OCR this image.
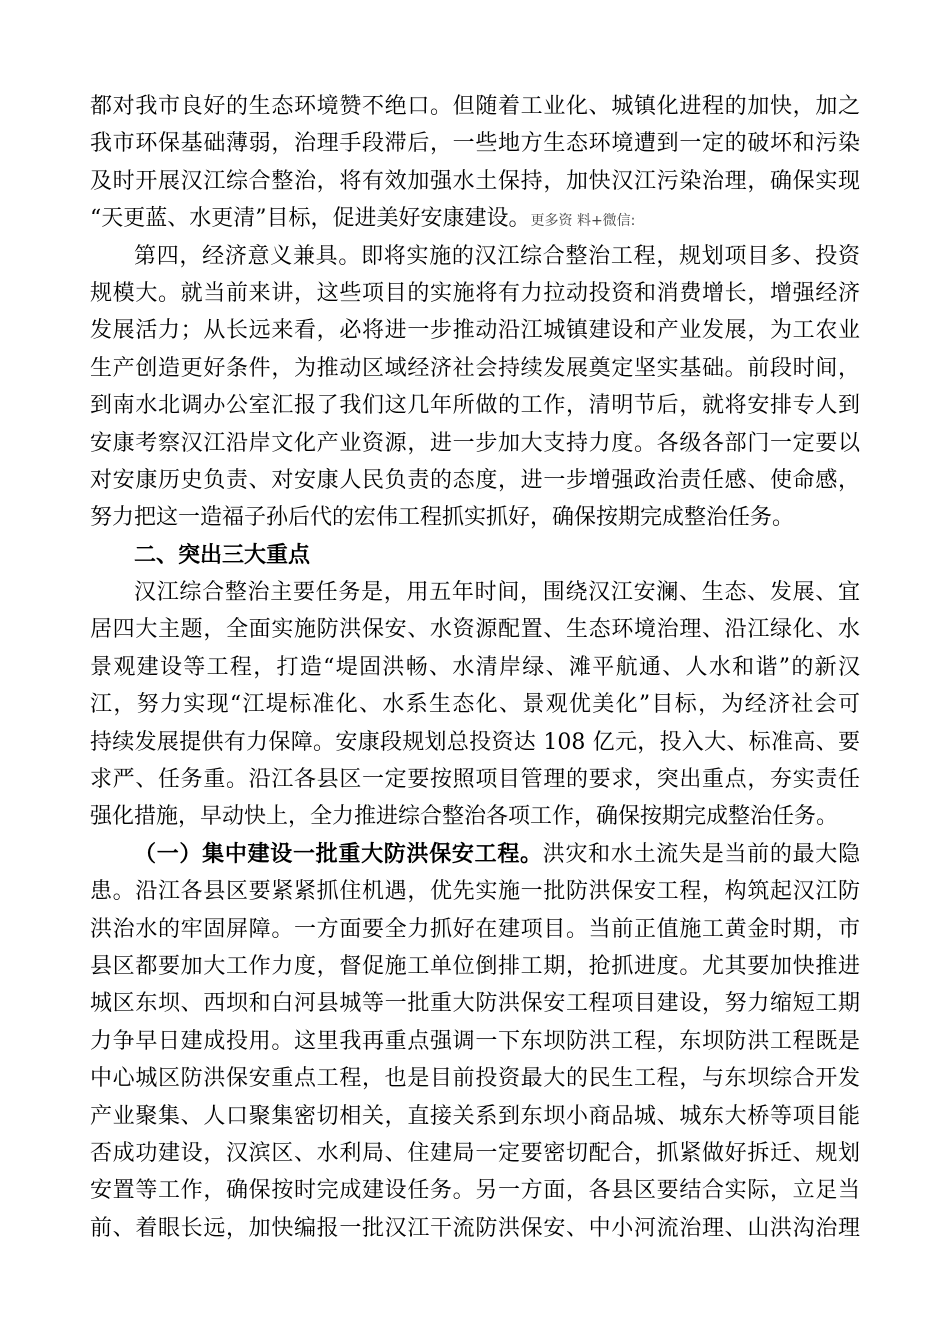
都对我市良好的生态环境赞不绝口。但随着工业化、城镇化进程的加快，加之
我市环保基础薄弱，治理手段滞后，一些地方生态环境遭到一定的破坏和污染
及时开展汉江综合整治，将有效加强水土保持，加快汉江污染治理，确保实现
“天更蓝、水更清”目标，促进美好安康建设。更多资 料+微信:
第四，经济意义兼具。即将实施的汉江综合整治工程，规划项目多、投资
规模大。就当前来讲，这些项目的实施将有力拉动投资和消费增长，增强经济
发展活力；从长远来看，必将进一步推动沿江城镇建设和产业发展，为工农业
生产创造更好条件，为推动区域经济社会持续发展奠定坚实基础。前段时间，
到南水北调办公室汇报了我们这几年所做的工作，清明节后，就将安排专人到
安康考察汉江沿岸文化产业资源，进一步加大支持力度。各级各部门一定要以
对安康历史负责、对安康人民负责的态度，进一步增强政治责任感、使命感，
努力把这一造福子孙后代的宏伟工程抓实抓好，确保按期完成整治任务。
二、突出三大重点
汉江综合整治主要任务是，用五年时间，围绕汉江安澜、生态、发展、宜
居四大主题，全面实施防洪保安、水资源配置、生态环境治理、沿江绿化、水
景观建设等工程，打造“堤固洪畅、水清岸绿、滩平航通、人水和谐”的新汉
江，努力实现“江堤标准化、水系生态化、景观优美化”目标，为经济社会可
持续发展提供有力保障。安康段规划总投资达 108 亿元，投入大、标准高、要
求严、任务重。沿江各县区一定要按照项目管理的要求，突出重点，夯实责任
强化措施，早动快上，全力推进综合整治各项工作，确保按期完成整治任务。
（一）集中建设一批重大防洪保安工程。洪灾和水土流失是当前的最大隐
患。沿江各县区要紧紧抓住机遇，优先实施一批防洪保安工程，构筑起汉江防
洪治水的牢固屏障。一方面要全力抓好在建项目。当前正值施工黄金时期，市
县区都要加大工作力度，督促施工单位倒排工期，抢抓进度。尤其要加快推进
城区东坝、西坝和白河县城等一批重大防洪保安工程项目建设，努力缩短工期
力争早日建成投用。这里我再重点强调一下东坝防洪工程，东坝防洪工程既是
中心城区防洪保安重点工程，也是目前投资最大的民生工程，与东坝综合开发
产业聚集、人口聚集密切相关，直接关系到东坝小商品城、城东大桥等项目能
否成功建设，汉滨区、水利局、住建局一定要密切配合，抓紧做好拆迁、规划
安置等工作，确保按时完成建设任务。另一方面，各县区要结合实际，立足当
前、着眼长远，加快编报一批汉江干流防洪保安、中小河流治理、山洪沟治理
